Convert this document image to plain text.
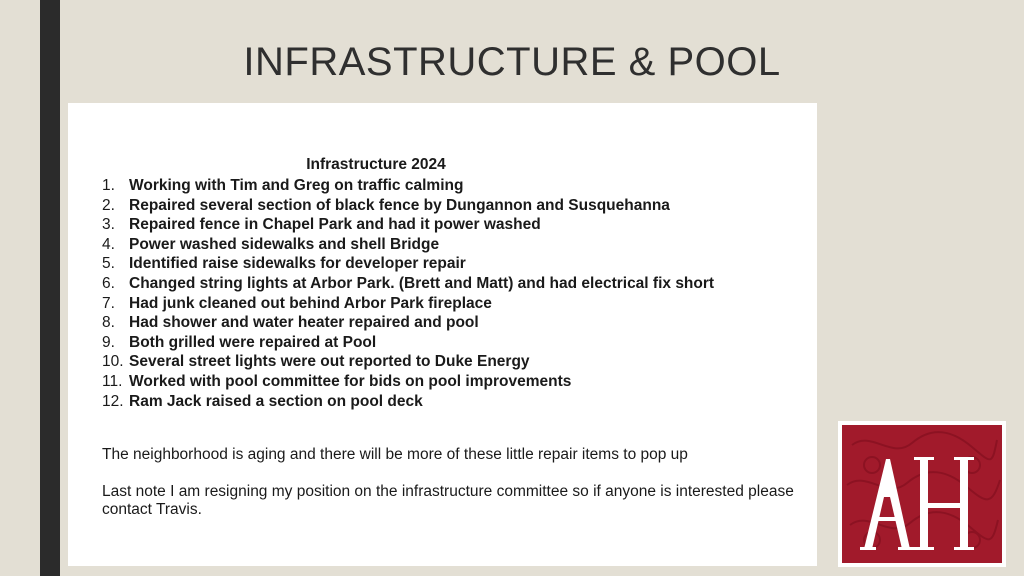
INFRASTRUCTURE & POOL
Infrastructure 2024
1. Working with Tim and Greg on traffic calming
2. Repaired several section of black fence by Dungannon and Susquehanna
3. Repaired fence in Chapel Park and had it power washed
4. Power washed sidewalks and shell Bridge
5. Identified raise sidewalks for developer repair
6. Changed string lights at Arbor Park. (Brett and Matt) and had electrical fix short
7. Had junk cleaned out behind Arbor Park fireplace
8. Had shower and water heater repaired and pool
9. Both grilled were repaired at Pool
10. Several street lights were out reported to Duke Energy
11. Worked with pool committee for bids on pool improvements
12. Ram Jack raised a section on pool deck
The neighborhood is aging and there will be more of these little repair items to pop up
Last note I am resigning my position on the infrastructure committee so if anyone is interested please contact Travis.
